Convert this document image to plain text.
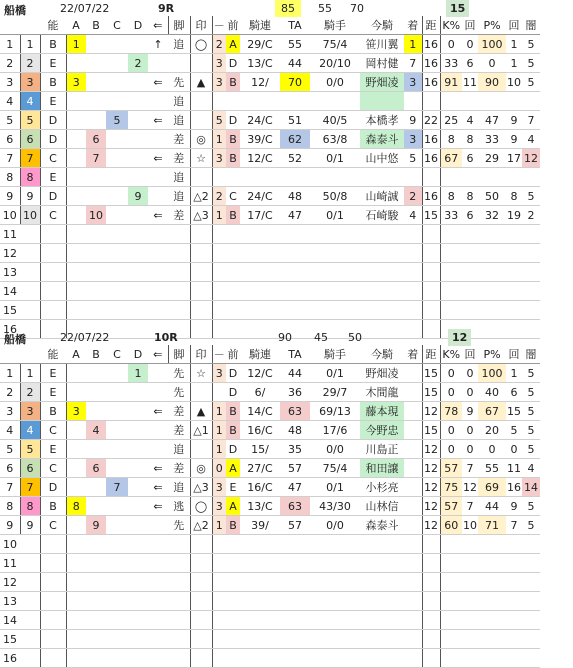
船橋	22/07/22	9R	85	55 70	15
		能	A	B	C	D	⇐	脚	印	－	前	騎連	TA	騎手	今騎	着	距	K%	回	P%	回	闇
1	1	B	1				↑	追	◯	2	A	29/C	55	75/4	笹川翼	1	16	0	0	100	1	5
2	2	E				2				3	D	13/C	44	20/10	岡村健	7	16	33	6	0	1	5
3	3	B	3				⇐	先	▲	3	B	12/	70	0/0	野畑凌	3	16	91	11	90	10	5
4	4	E						追														
5	5	D			5		⇐	追		5	D	24/C	51	40/5	本橋孝	9	22	25	4	47	9	7
6	6	D		6				差	◎	1	B	39/C	62	63/8	森泰斗	3	16	8	8	33	9	4
7	7	C		7			⇐	差	☆	3	B	12/C	52	0/1	山中悠	5	16	67	6	29	17	12
8	8	E						追														
9	9	D				9		追	△2	2	C	24/C	48	50/8	山崎誠	2	16	8	8	50	8	5
10	10	C		10			⇐	差	△3	1	B	17/C	47	0/1	石崎駿	4	15	33	6	32	19	2
11																						
12																						
13																						
14																						
15																						
16																						
船橋	22/07/22	10R	90 45 50	12
		能	A	B	C	D	⇐	脚	印	－	前	騎連	TA	騎手	今騎	着	距	K%	回	P%	回	闇
1	1	E				1		先	☆	3	D	12/C	44	0/1	野畑凌		15	0	0	100	1	5
2	2	E						先			D	6/	36	29/7	木間龍		15	0	0	40	6	5
3	3	B	3				⇐	差	▲	1	B	14/C	63	69/13	藤本現		12	78	9	67	15	5
4	4	C		4				差	△1	1	B	16/C	48	17/6	今野忠		15	0	0	20	5	5
5	5	E						追		1	D	15/	35	0/0	川島正		12	0	0	0	0	5
6	6	C		6			⇐	差	◎	0	A	27/C	57	75/4	和田譲		12	57	7	55	11	4
7	7	D			7		⇐	追	△3	3	E	16/C	47	0/1	小杉亮		12	75	12	69	16	14
8	8	B	8				⇐	逃	◯	3	A	13/C	63	43/30	山林信		12	57	7	44	9	5
9	9	C		9				先	△2	1	B	39/	57	0/0	森泰斗		12	60	10	71	7	5
10																						
11																						
12																						
13																						
14																						
15																						
16																						
